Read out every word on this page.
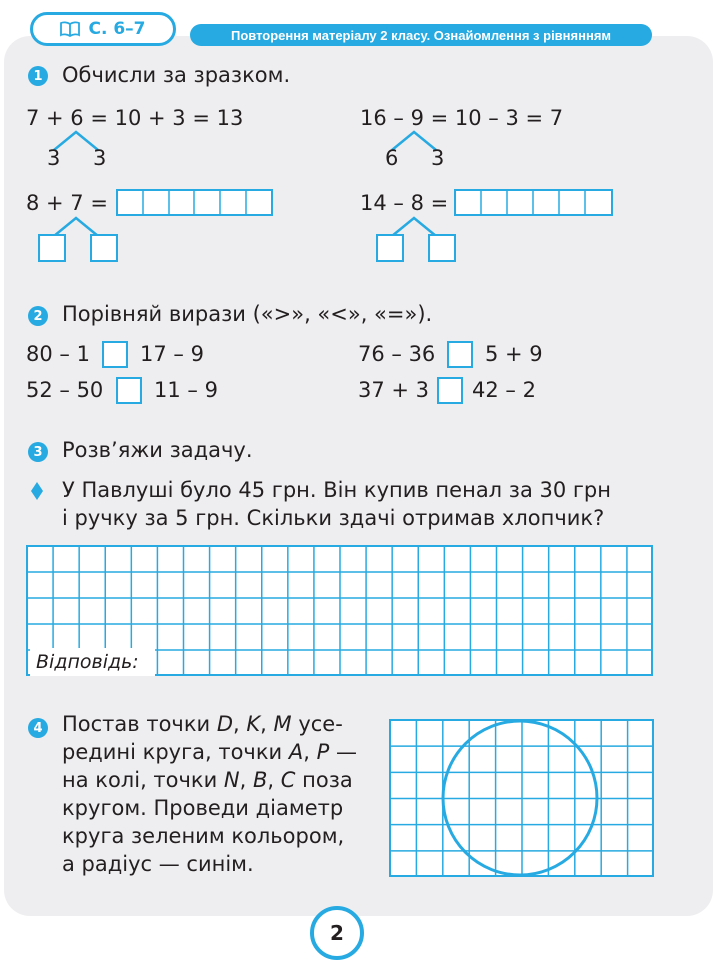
С. 6–7	Повторення матеріалу 2 класу. Ознайомлення з рівнянням
1 Обчисли за зразком.
7 + 6 = 10 + 3 = 13
3 3
16 – 9 = 10 – 3 = 7
6 3
8 + 7 =	14 – 8 =
2 Порівняй вирази («>», «<», «=»).
80 – 1 17 – 9	76 – 36 5 + 9
52 – 50 11 – 9	37 + 3 42 – 2
3 Розв’яжи задачу.
У Павлуші було 45 грн. Він купив пенал за 30 грн
і ручку за 5 грн. Скільки здачі отримав хлопчик?
Відповідь:
4 Постав точки D, K, M усе-
редині круга, точки A, P —
на колі, точки N, B, C поза
кругом. Проведи діаметр
круга зеленим кольором,
а радіус — синім.
2
